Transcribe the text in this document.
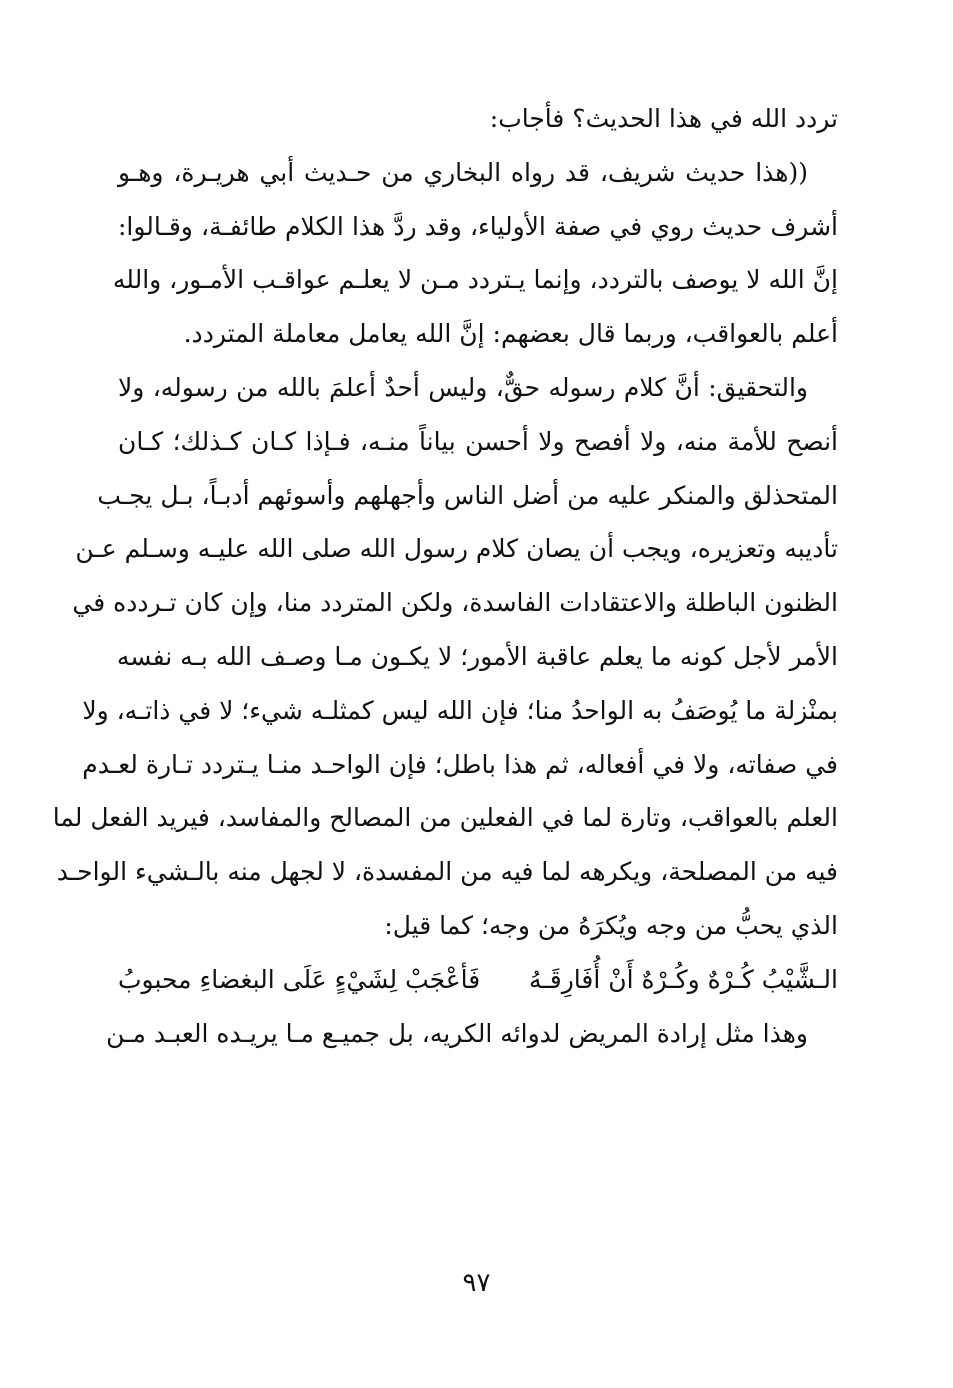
تردد الله في هذا الحديث؟ فأجاب:
((هذا حديث شريف، قد رواه البخاري من حـديث أبي هريـرة، وهـو
أشرف حديث روي في صفة الأولياء، وقد ردَّ هذا الكلام طائفـة، وقـالوا:
إنَّ الله لا يوصف بالتردد، وإنما يـتردد مـن لا يعلـم عواقـب الأمـور، والله
أعلم بالعواقب، وربما قال بعضهم: إنَّ الله يعامل معاملة المتردد.
والتحقيق: أنَّ كلام رسوله حقٌّ، وليس أحدٌ أعلمَ بالله من رسوله، ولا
أنصح للأمة منه، ولا أفصح ولا أحسن بياناً منـه، فـإذا كـان كـذلك؛ كـان
المتحذلق والمنكر عليه من أضل الناس وأجهلهم وأسوئهم أدبـاً، بـل يجـب
تأديبه وتعزيره، ويجب أن يصان كلام رسول الله صلى الله عليـه وسـلم عـن
الظنون الباطلة والاعتقادات الفاسدة، ولكن المتردد منا، وإن كان تـردده في
الأمر لأجل كونه ما يعلم عاقبة الأمور؛ لا يكـون مـا وصـف الله بـه نفسه
بمنْزلة ما يُوصَفُ به الواحدُ منا؛ فإن الله ليس كمثلـه شيء؛ لا في ذاتـه، ولا
في صفاته، ولا في أفعاله، ثم هذا باطل؛ فإن الواحـد منـا يـتردد تـارة لعـدم
العلم بالعواقب، وتارة لما في الفعلين من المصالح والمفاسد، فيريد الفعل لما
فيه من المصلحة، ويكرهه لما فيه من المفسدة، لا لجهل منه بالـشيء الواحـد
الذي يحبُّ من وجه ويُكرَهُ من وجه؛ كما قيل:
الـشَّيْبُ كُـرْهٌ وكُـرْهٌ أَنْ أُفَارِقَـهُ
فَأعْجَبْ لِشَيْءٍ عَلَى البغضاءِ محبوبُ
وهذا مثل إرادة المريض لدوائه الكريه، بل جميـع مـا يريـده العبـد مـن
٩٧
